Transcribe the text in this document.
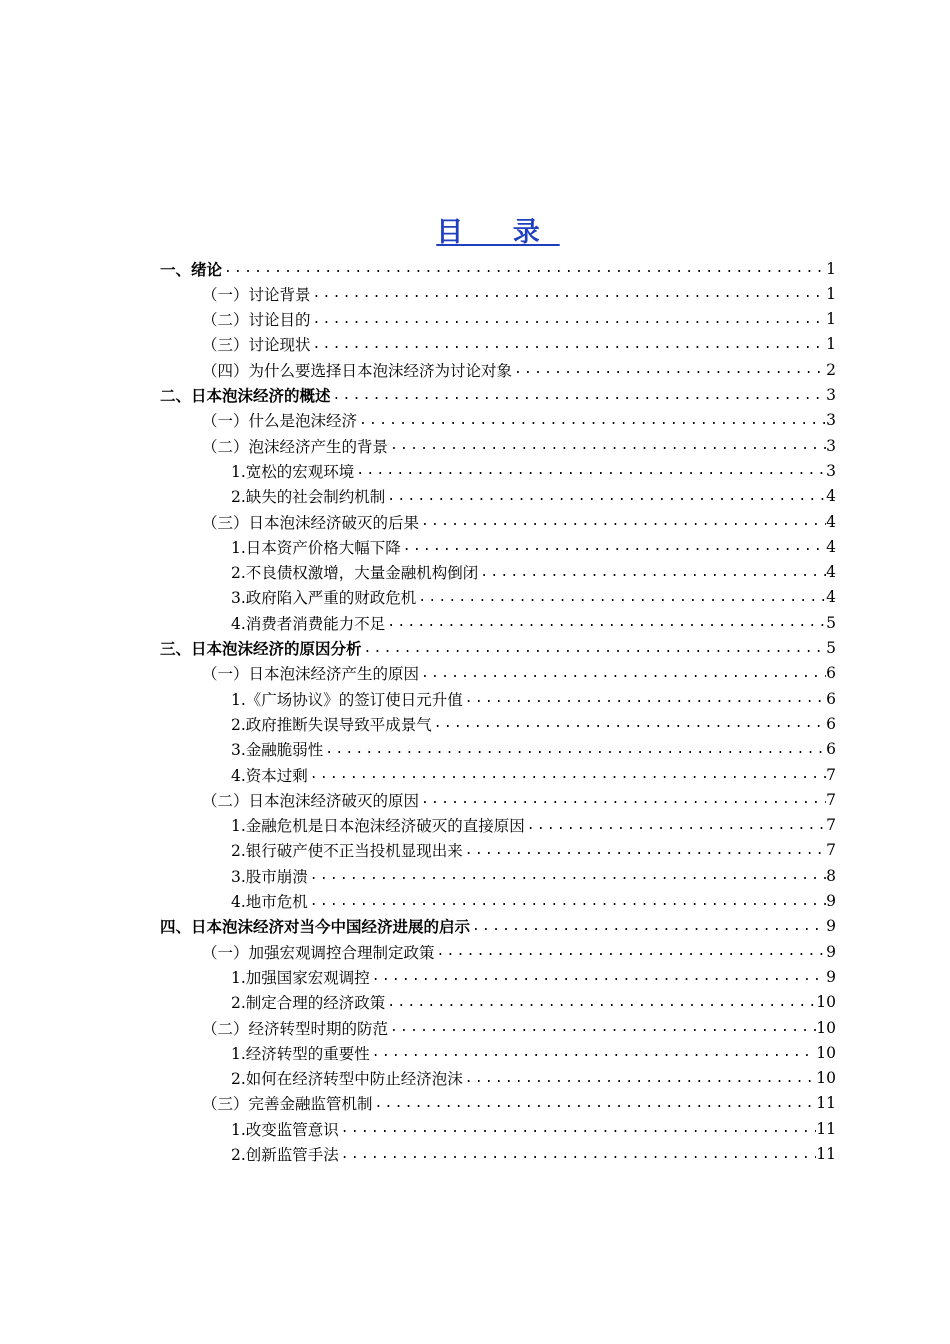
目 录
一、绪论 .....	1
（一）讨论背景 .....	1
（二）讨论目的 .....	1
（三）讨论现状 .....	1
（四）为什么要选择日本泡沫经济为讨论对象 .....	2
二、日本泡沫经济的概述 .....	3
（一）什么是泡沫经济 .....	3
（二）泡沫经济产生的背景 .....	3
1.宽松的宏观环境 .....	3
2.缺失的社会制约机制 .....	4
（三）日本泡沫经济破灭的后果 .....	4
1.日本资产价格大幅下降 .....	4
2.不良债权激增，大量金融机构倒闭 .....	4
3.政府陷入严重的财政危机 .....	4
4.消费者消费能力不足 .....	5
三、日本泡沫经济的原因分析 .....	5
（一）日本泡沫经济产生的原因 .....	6
1.《广场协议》的签订使日元升值 .....	6
2.政府推断失误导致平成景气 .....	6
3.金融脆弱性 .....	6
4.资本过剩 .....	7
（二）日本泡沫经济破灭的原因 .....	7
1.金融危机是日本泡沫经济破灭的直接原因 .....	7
2.银行破产使不正当投机显现出来 .....	7
3.股市崩溃 .....	8
4.地市危机 .....	9
四、日本泡沫经济对当今中国经济进展的启示 .....	9
（一）加强宏观调控合理制定政策 .....	9
1.加强国家宏观调控 .....	9
2.制定合理的经济政策 .....	10
（二）经济转型时期的防范 .....	10
1.经济转型的重要性 .....	10
2.如何在经济转型中防止经济泡沫 .....	10
（三）完善金融监管机制 .....	11
1.改变监管意识 .....	11
2.创新监管手法 .....	11
